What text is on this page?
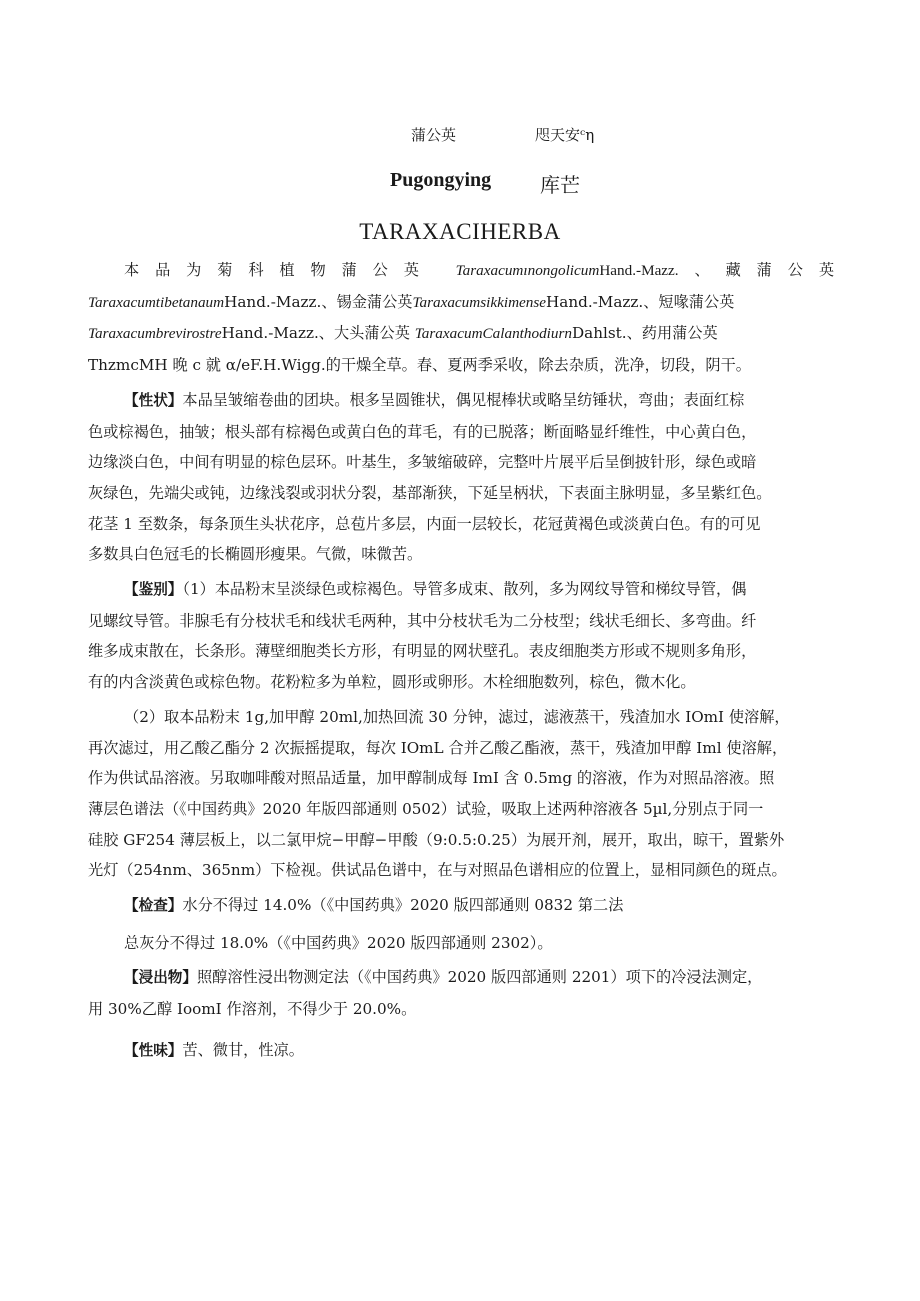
蒲公英	咫天安ᶜη
Pugongying 库芒
TARAXACIHERBA
本品为菊科植物蒲公英 TaraxacumınongolicumHand.-Mazz.、藏蒲公英
TaraxacumtibetanaumHand.-Mazz.、锡金蒲公英TaraxacumsikkimenseHand.-Mazz.、短喙蒲公英
TaraxacumbrevirostreHand.-Mazz.、大头蒲公英 TaraxacumCalanthodiurnDahlst.、药用蒲公英
ThzmcMH 晚 c 就 α∕eF.H.Wigg.的干燥全草。春、夏两季采收，除去杂质，洗净，切段，阴干。
【性状】本品呈皱缩卷曲的团块。根多呈圆锥状，偶见棍棒状或略呈纺锤状，弯曲；表面红棕
色或棕褐色，抽皱；根头部有棕褐色或黄白色的茸毛，有的已脱落；断面略显纤维性，中心黄白色，
边缘淡白色，中间有明显的棕色层环。叶基生，多皱缩破碎，完整叶片展平后呈倒披针形，绿色或暗
灰绿色，先端尖或钝，边缘浅裂或羽状分裂，基部渐狭，下延呈柄状，下表面主脉明显，多呈紫红色。
花茎 1 至数条，每条顶生头状花序，总苞片多层，内面一层较长，花冠黄褐色或淡黄白色。有的可见
多数具白色冠毛的长椭圆形瘦果。气微，味微苦。
【鉴别】（1）本品粉末呈淡绿色或棕褐色。导管多成束、散列，多为网纹导管和梯纹导管，偶
见螺纹导管。非腺毛有分枝状毛和线状毛两种，其中分枝状毛为二分枝型；线状毛细长、多弯曲。纤
维多成束散在，长条形。薄壁细胞类长方形，有明显的网状壁孔。表皮细胞类方形或不规则多角形，
有的内含淡黄色或棕色物。花粉粒多为单粒，圆形或卵形。木栓细胞数列，棕色，微木化。
（2）取本品粉末 1g,加甲醇 20ml,加热回流 30 分钟，滤过，滤液蒸干，残渣加水 IOmI 使溶解，
再次滤过，用乙酸乙酯分 2 次振摇提取，每次 IOmL 合并乙酸乙酯液，蒸干，残渣加甲醇 Iml 使溶解，
作为供试品溶液。另取咖啡酸对照品适量，加甲醇制成每 ImI 含 0.5mg 的溶液，作为对照品溶液。照
薄层色谱法（《中国药典》2020 年版四部通则 0502）试验，吸取上述两种溶液各 5µl,分别点于同一
硅胶 GF254 薄层板上，以二氯甲烷−甲醇−甲酸（9:0.5:0.25）为展开剂，展开，取出，晾干，置紫外
光灯（254nm、365nm）下检视。供试品色谱中，在与对照品色谱相应的位置上，显相同颜色的斑点。
【检查】水分不得过 14.0%（《中国药典》2020 版四部通则 0832 第二法
总灰分不得过 18.0%（《中国药典》2020 版四部通则 2302）。
【浸出物】照醇溶性浸出物测定法（《中国药典》2020 版四部通则 2201）项下的冷浸法测定，
用 30%乙醇 IoomI 作溶剂，不得少于 20.0%。
【性味】苦、微甘，性凉。
